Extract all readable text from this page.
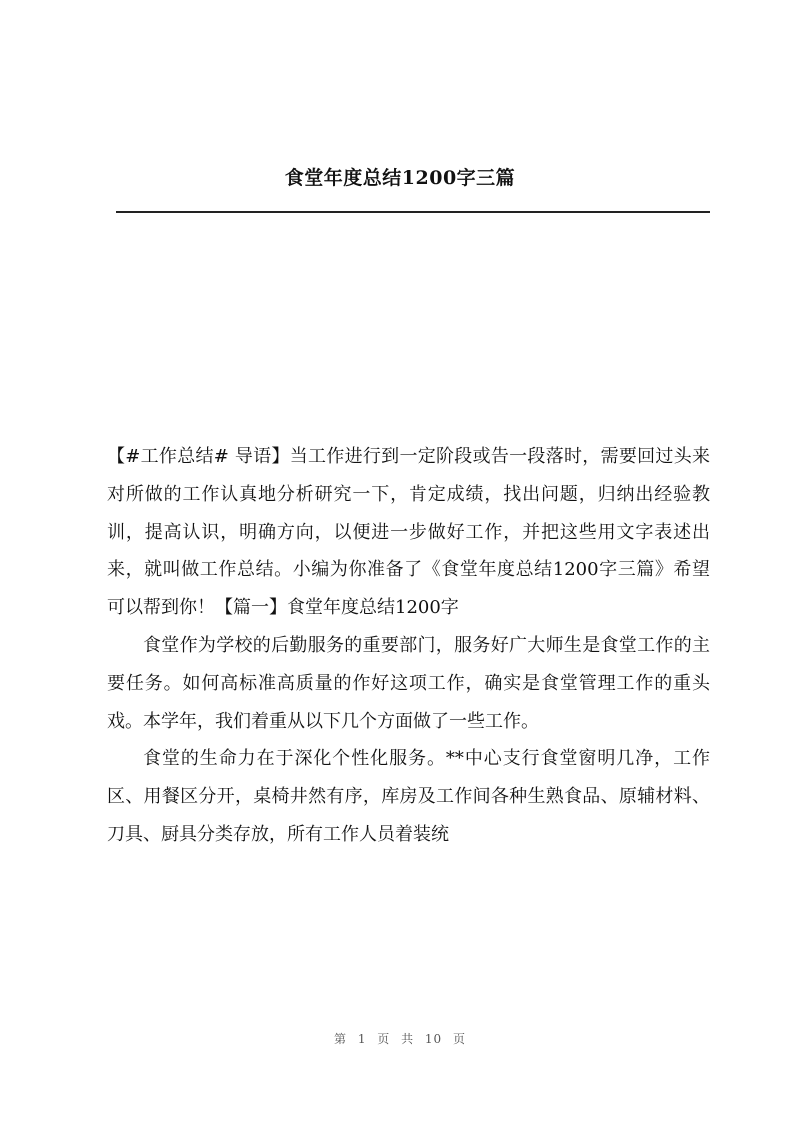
食堂年度总结1200字三篇

【#工作总结# 导语】当工作进行到一定阶段或告一段落时，需要回过头来对所做的工作认真地分析研究一下，肯定成绩，找出问题，归纳出经验教训，提高认识，明确方向，以便进一步做好工作，并把这些用文字表述出来，就叫做工作总结。小编为你准备了《食堂年度总结1200字三篇》希望可以帮到你！【篇一】食堂年度总结1200字

食堂作为学校的后勤服务的重要部门，服务好广大师生是食堂工作的主要任务。如何高标准高质量的作好这项工作，确实是食堂管理工作的重头戏。本学年，我们着重从以下几个方面做了一些工作。

食堂的生命力在于深化个性化服务。**中心支行食堂窗明几净，工作区、用餐区分开，桌椅井然有序，库房及工作间各种生熟食品、原辅材料、刀具、厨具分类存放，所有工作人员着装统

第 1 页 共 10 页
